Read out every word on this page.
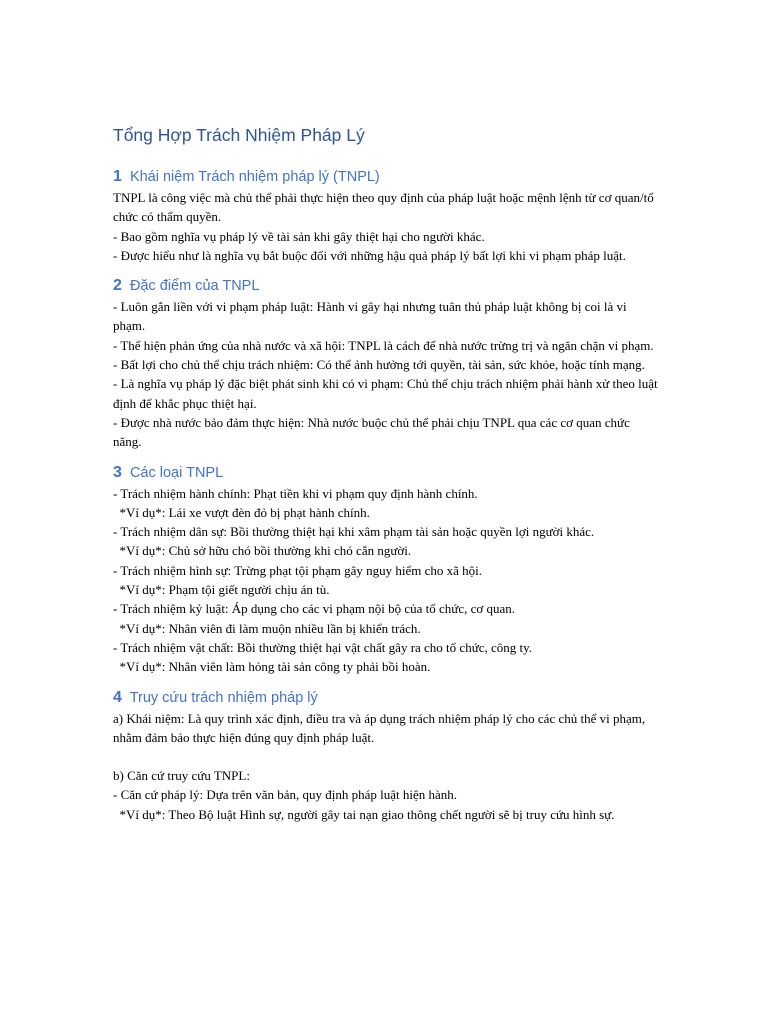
Tổng Hợp Trách Nhiệm Pháp Lý
1 Khái niệm Trách nhiệm pháp lý (TNPL)

TNPL là công việc mà chủ thể phải thực hiện theo quy định của pháp luật hoặc mệnh lệnh từ cơ quan/tổ chức có thẩm quyền.

- Bao gồm nghĩa vụ pháp lý về tài sản khi gây thiệt hại cho người khác.

- Được hiểu như là nghĩa vụ bắt buộc đối với những hậu quả pháp lý bất lợi khi vi phạm pháp luật.

2 Đặc điểm của TNPL

- Luôn gắn liền với vi phạm pháp luật: Hành vi gây hại nhưng tuân thủ pháp luật không bị coi là vi phạm.

- Thể hiện phản ứng của nhà nước và xã hội: TNPL là cách để nhà nước trừng trị và ngăn chặn vi phạm.

- Bất lợi cho chủ thể chịu trách nhiệm: Có thể ảnh hưởng tới quyền, tài sản, sức khỏe, hoặc tính mạng.

- Là nghĩa vụ pháp lý đặc biệt phát sinh khi có vi phạm: Chủ thể chịu trách nhiệm phải hành xử theo luật định để khắc phục thiệt hại.

- Được nhà nước bảo đảm thực hiện: Nhà nước buộc chủ thể phải chịu TNPL qua các cơ quan chức năng.

3 Các loại TNPL

- Trách nhiệm hành chính: Phạt tiền khi vi phạm quy định hành chính.

*Ví dụ*: Lái xe vượt đèn đỏ bị phạt hành chính.

- Trách nhiệm dân sự: Bồi thường thiệt hại khi xâm phạm tài sản hoặc quyền lợi người khác.

*Ví dụ*: Chủ sở hữu chó bồi thường khi chó cắn người.

- Trách nhiệm hình sự: Trừng phạt tội phạm gây nguy hiểm cho xã hội.

*Ví dụ*: Phạm tội giết người chịu án tù.

- Trách nhiệm kỷ luật: Áp dụng cho các vi phạm nội bộ của tổ chức, cơ quan.

*Ví dụ*: Nhân viên đi làm muộn nhiều lần bị khiển trách.

- Trách nhiệm vật chất: Bồi thường thiệt hại vật chất gây ra cho tổ chức, công ty.

*Ví dụ*: Nhân viên làm hỏng tài sản công ty phải bồi hoàn.

4 Truy cứu trách nhiệm pháp lý

a) Khái niệm: Là quy trình xác định, điều tra và áp dụng trách nhiệm pháp lý cho các chủ thể vi phạm, nhằm đảm bảo thực hiện đúng quy định pháp luật.

b) Căn cứ truy cứu TNPL:

- Căn cứ pháp lý: Dựa trên văn bản, quy định pháp luật hiện hành.

*Ví dụ*: Theo Bộ luật Hình sự, người gây tai nạn giao thông chết người sẽ bị truy cứu hình sự.
